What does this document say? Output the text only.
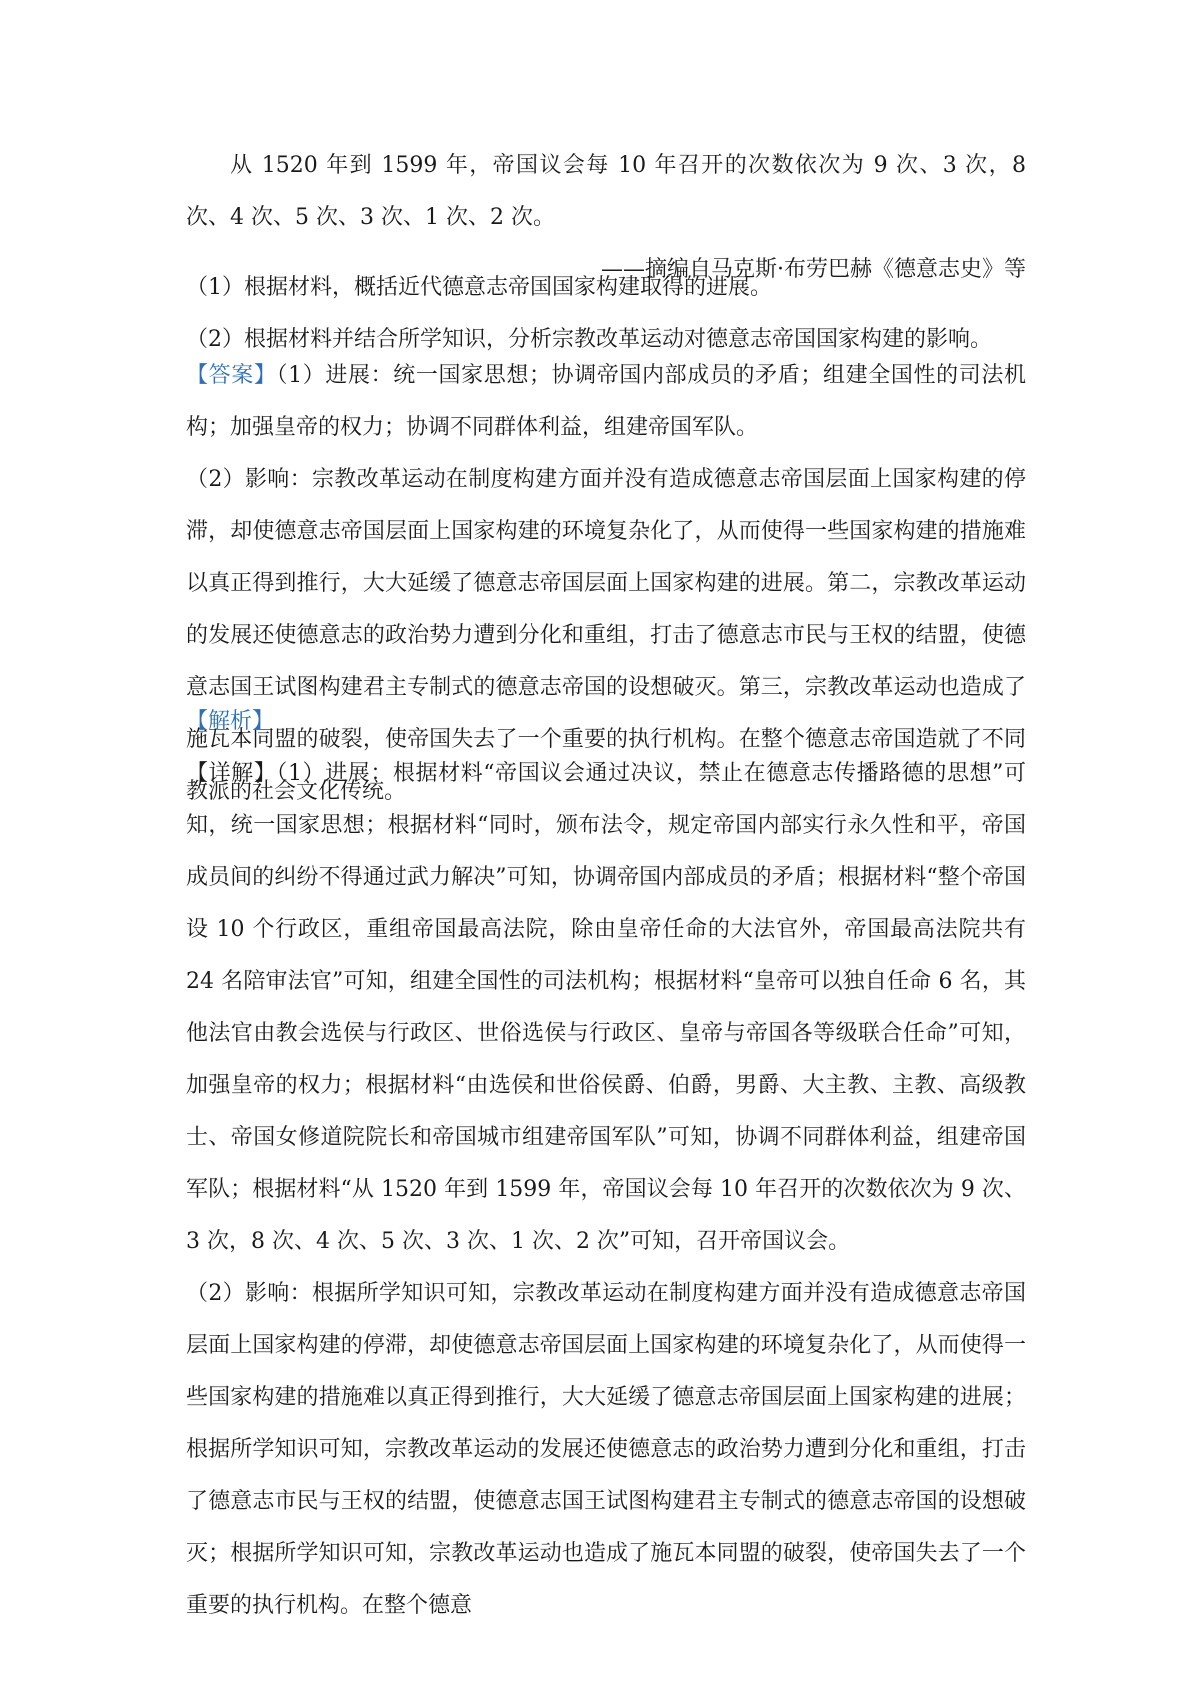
从 1520 年到 1599 年，帝国议会每 10 年召开的次数依次为 9 次、3 次，8 次、4 次、5 次、3 次、1 次、2 次。

——摘编自马克斯·布劳巴赫《德意志史》等

（1）根据材料，概括近代德意志帝国国家构建取得的进展。

（2）根据材料并结合所学知识，分析宗教改革运动对德意志帝国国家构建的影响。

【答案】（1）进展：统一国家思想；协调帝国内部成员的矛盾；组建全国性的司法机构；加强皇帝的权力；协调不同群体利益，组建帝国军队。

（2）影响：宗教改革运动在制度构建方面并没有造成德意志帝国层面上国家构建的停滞，却使德意志帝国层面上国家构建的环境复杂化了，从而使得一些国家构建的措施难以真正得到推行，大大延缓了德意志帝国层面上国家构建的进展。第二，宗教改革运动的发展还使德意志的政治势力遭到分化和重组，打击了德意志市民与王权的结盟，使德意志国王试图构建君主专制式的德意志帝国的设想破灭。第三，宗教改革运动也造成了施瓦本同盟的破裂，使帝国失去了一个重要的执行机构。在整个德意志帝国造就了不同教派的社会文化传统。

【解析】

【详解】（1）进展：根据材料“帝国议会通过决议，禁止在德意志传播路德的思想”可知，统一国家思想；根据材料“同时，颁布法令，规定帝国内部实行永久性和平，帝国成员间的纠纷不得通过武力解决”可知，协调帝国内部成员的矛盾；根据材料“整个帝国设 10 个行政区，重组帝国最高法院，除由皇帝任命的大法官外，帝国最高法院共有 24 名陪审法官”可知，组建全国性的司法机构；根据材料“皇帝可以独自任命 6 名，其他法官由教会选侯与行政区、世俗选侯与行政区、皇帝与帝国各等级联合任命”可知，加强皇帝的权力；根据材料“由选侯和世俗侯爵、伯爵，男爵、大主教、主教、高级教士、帝国女修道院院长和帝国城市组建帝国军队”可知，协调不同群体利益，组建帝国军队；根据材料“从 1520 年到 1599 年，帝国议会每 10 年召开的次数依次为 9 次、3 次，8 次、4 次、5 次、3 次、1 次、2 次”可知，召开帝国议会。

（2）影响：根据所学知识可知，宗教改革运动在制度构建方面并没有造成德意志帝国层面上国家构建的停滞，却使德意志帝国层面上国家构建的环境复杂化了，从而使得一些国家构建的措施难以真正得到推行，大大延缓了德意志帝国层面上国家构建的进展；根据所学知识可知，宗教改革运动的发展还使德意志的政治势力遭到分化和重组，打击了德意志市民与王权的结盟，使德意志国王试图构建君主专制式的德意志帝国的设想破灭；根据所学知识可知，宗教改革运动也造成了施瓦本同盟的破裂，使帝国失去了一个重要的执行机构。在整个德意
